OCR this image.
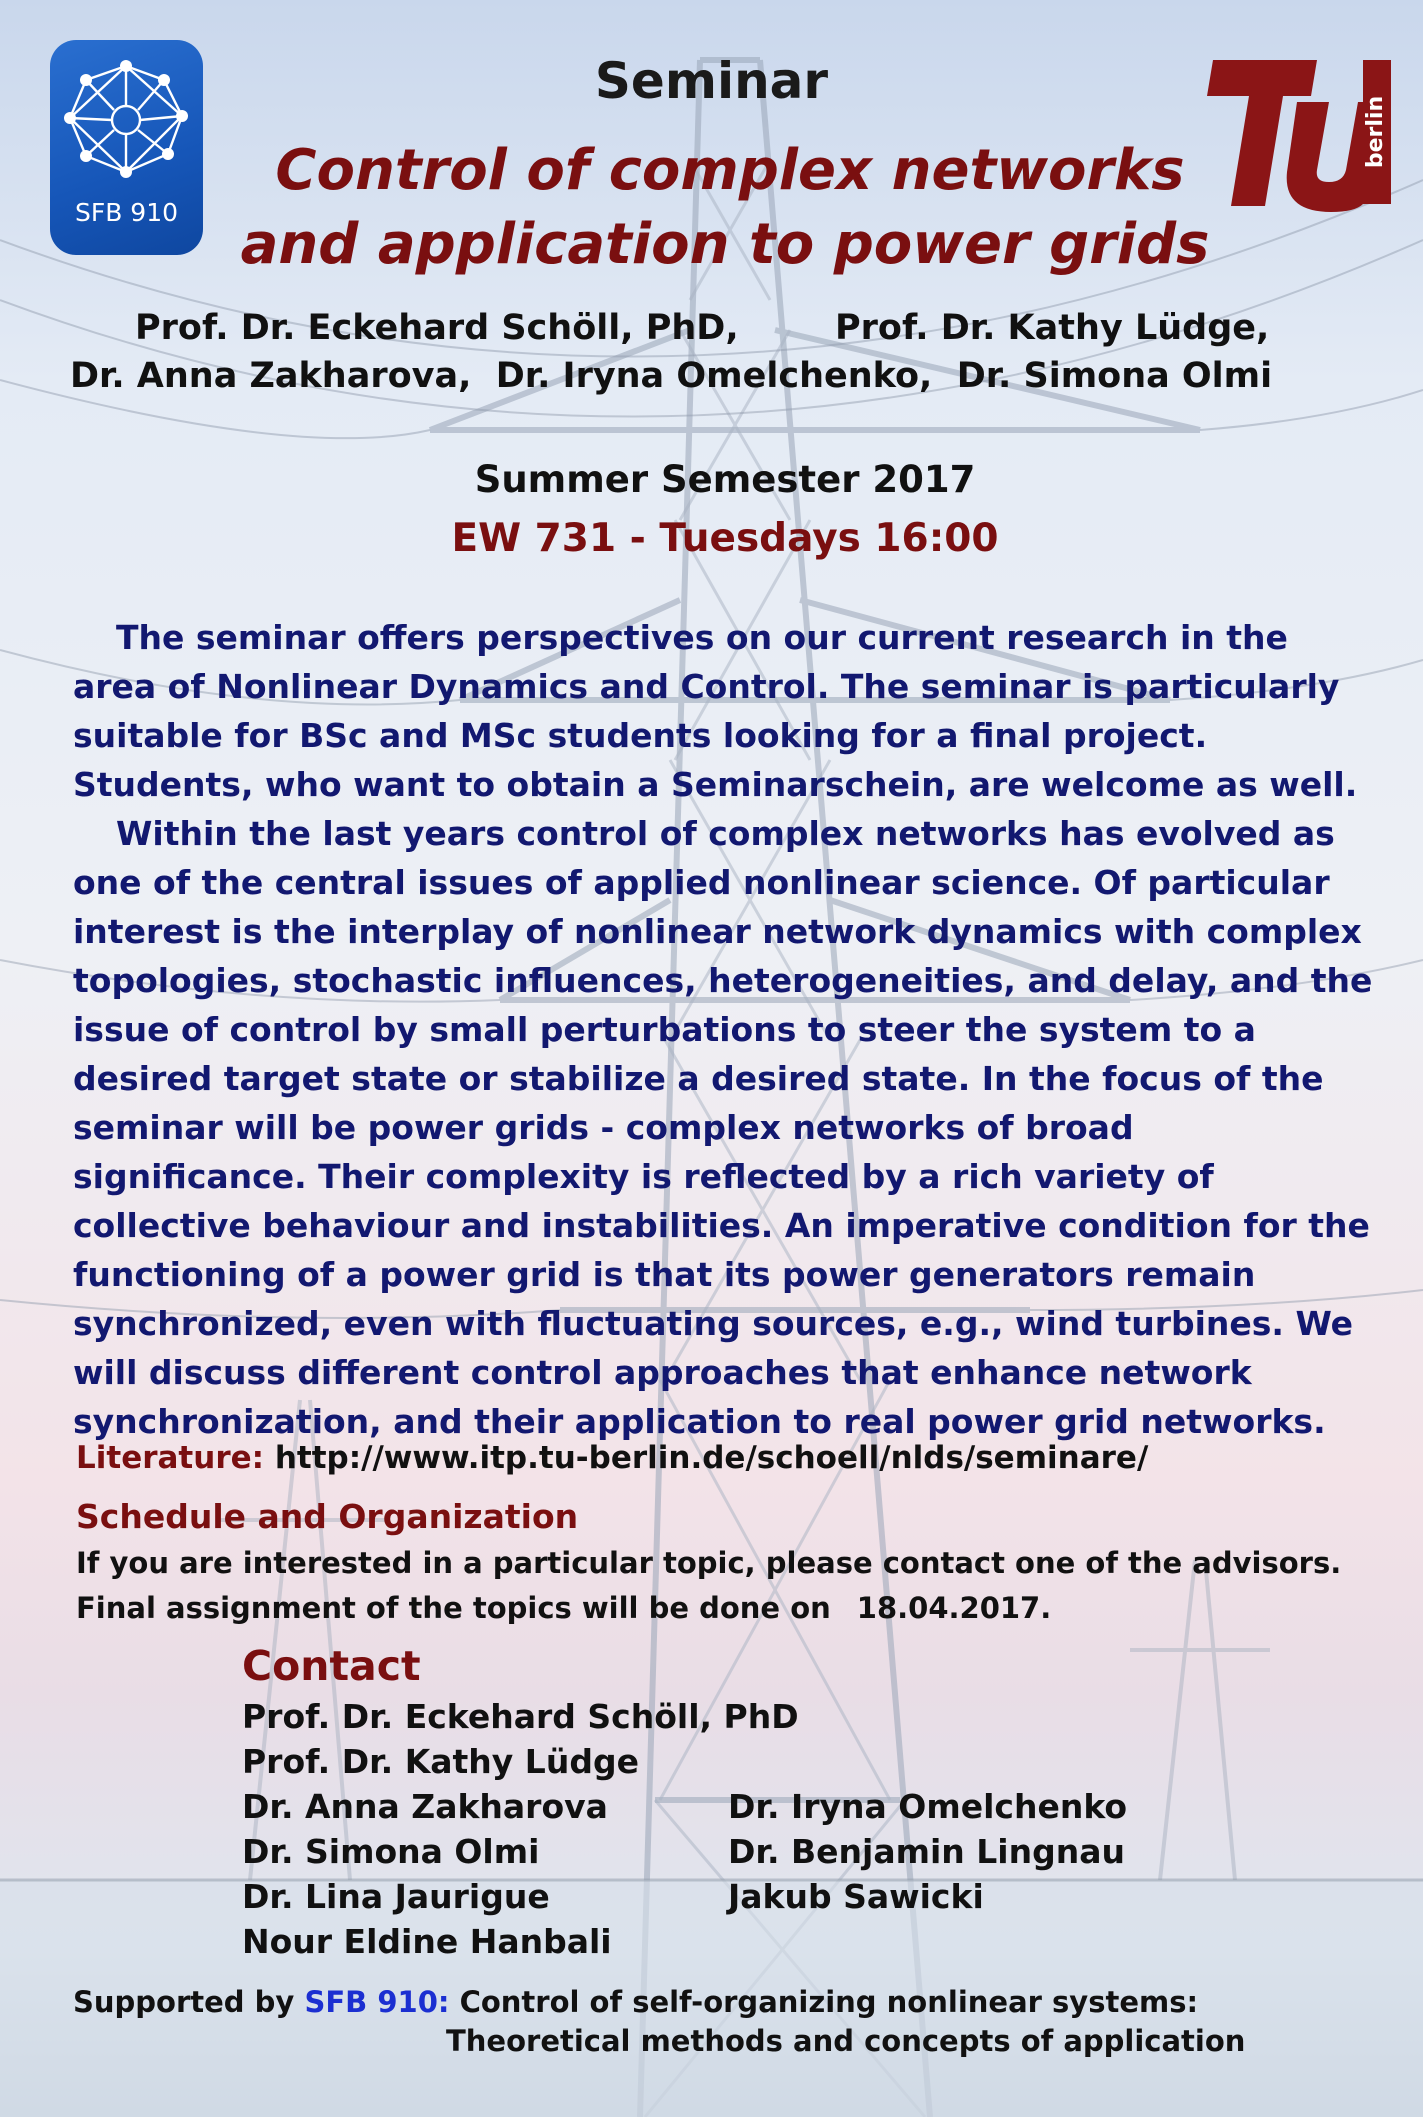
SFB 910
berlin
Seminar
Control of complex networks
and application to power grids
Prof. Dr. Eckehard Schöll, PhD,	Prof. Dr. Kathy Lüdge,
Dr. Anna Zakharova,  Dr. Iryna Omelchenko,  Dr. Simona Olmi
Summer Semester 2017
EW 731 - Tuesdays 16:00

The seminar offers perspectives on our current research in the area of Nonlinear Dynamics and Control. The seminar is particularly suitable for BSc and MSc students looking for a final project. Students, who want to obtain a Seminarschein, are welcome as well.

Within the last years control of complex networks has evolved as one of the central issues of applied nonlinear science. Of particular interest is the interplay of nonlinear network dynamics with complex topologies, stochastic influences, heterogeneities, and delay, and the issue of control by small perturbations to steer the system to a desired target state or stabilize a desired state. In the focus of the seminar will be power grids - complex networks of broad significance. Their complexity is reflected by a rich variety of collective behaviour and instabilities. An imperative condition for the functioning of a power grid is that its power generators remain synchronized, even with fluctuating sources, e.g., wind turbines. We will discuss different control approaches that enhance network synchronization, and their application to real power grid networks.

Literature: http://www.itp.tu-berlin.de/schoell/nlds/seminare/
Schedule and Organization
If you are interested in a particular topic, please contact one of the advisors.
Final assignment of the topics will be done on 18.04.2017.
Contact
Prof. Dr. Eckehard Schöll, PhD
Prof. Dr. Kathy Lüdge
Dr. Anna Zakharova
Dr. Simona Olmi
Dr. Lina Jaurigue
Nour Eldine Hanbali
Dr. Iryna Omelchenko
Dr. Benjamin Lingnau
Jakub Sawicki
Supported by SFB 910: Control of self-organizing nonlinear systems:
Theoretical methods and concepts of application
